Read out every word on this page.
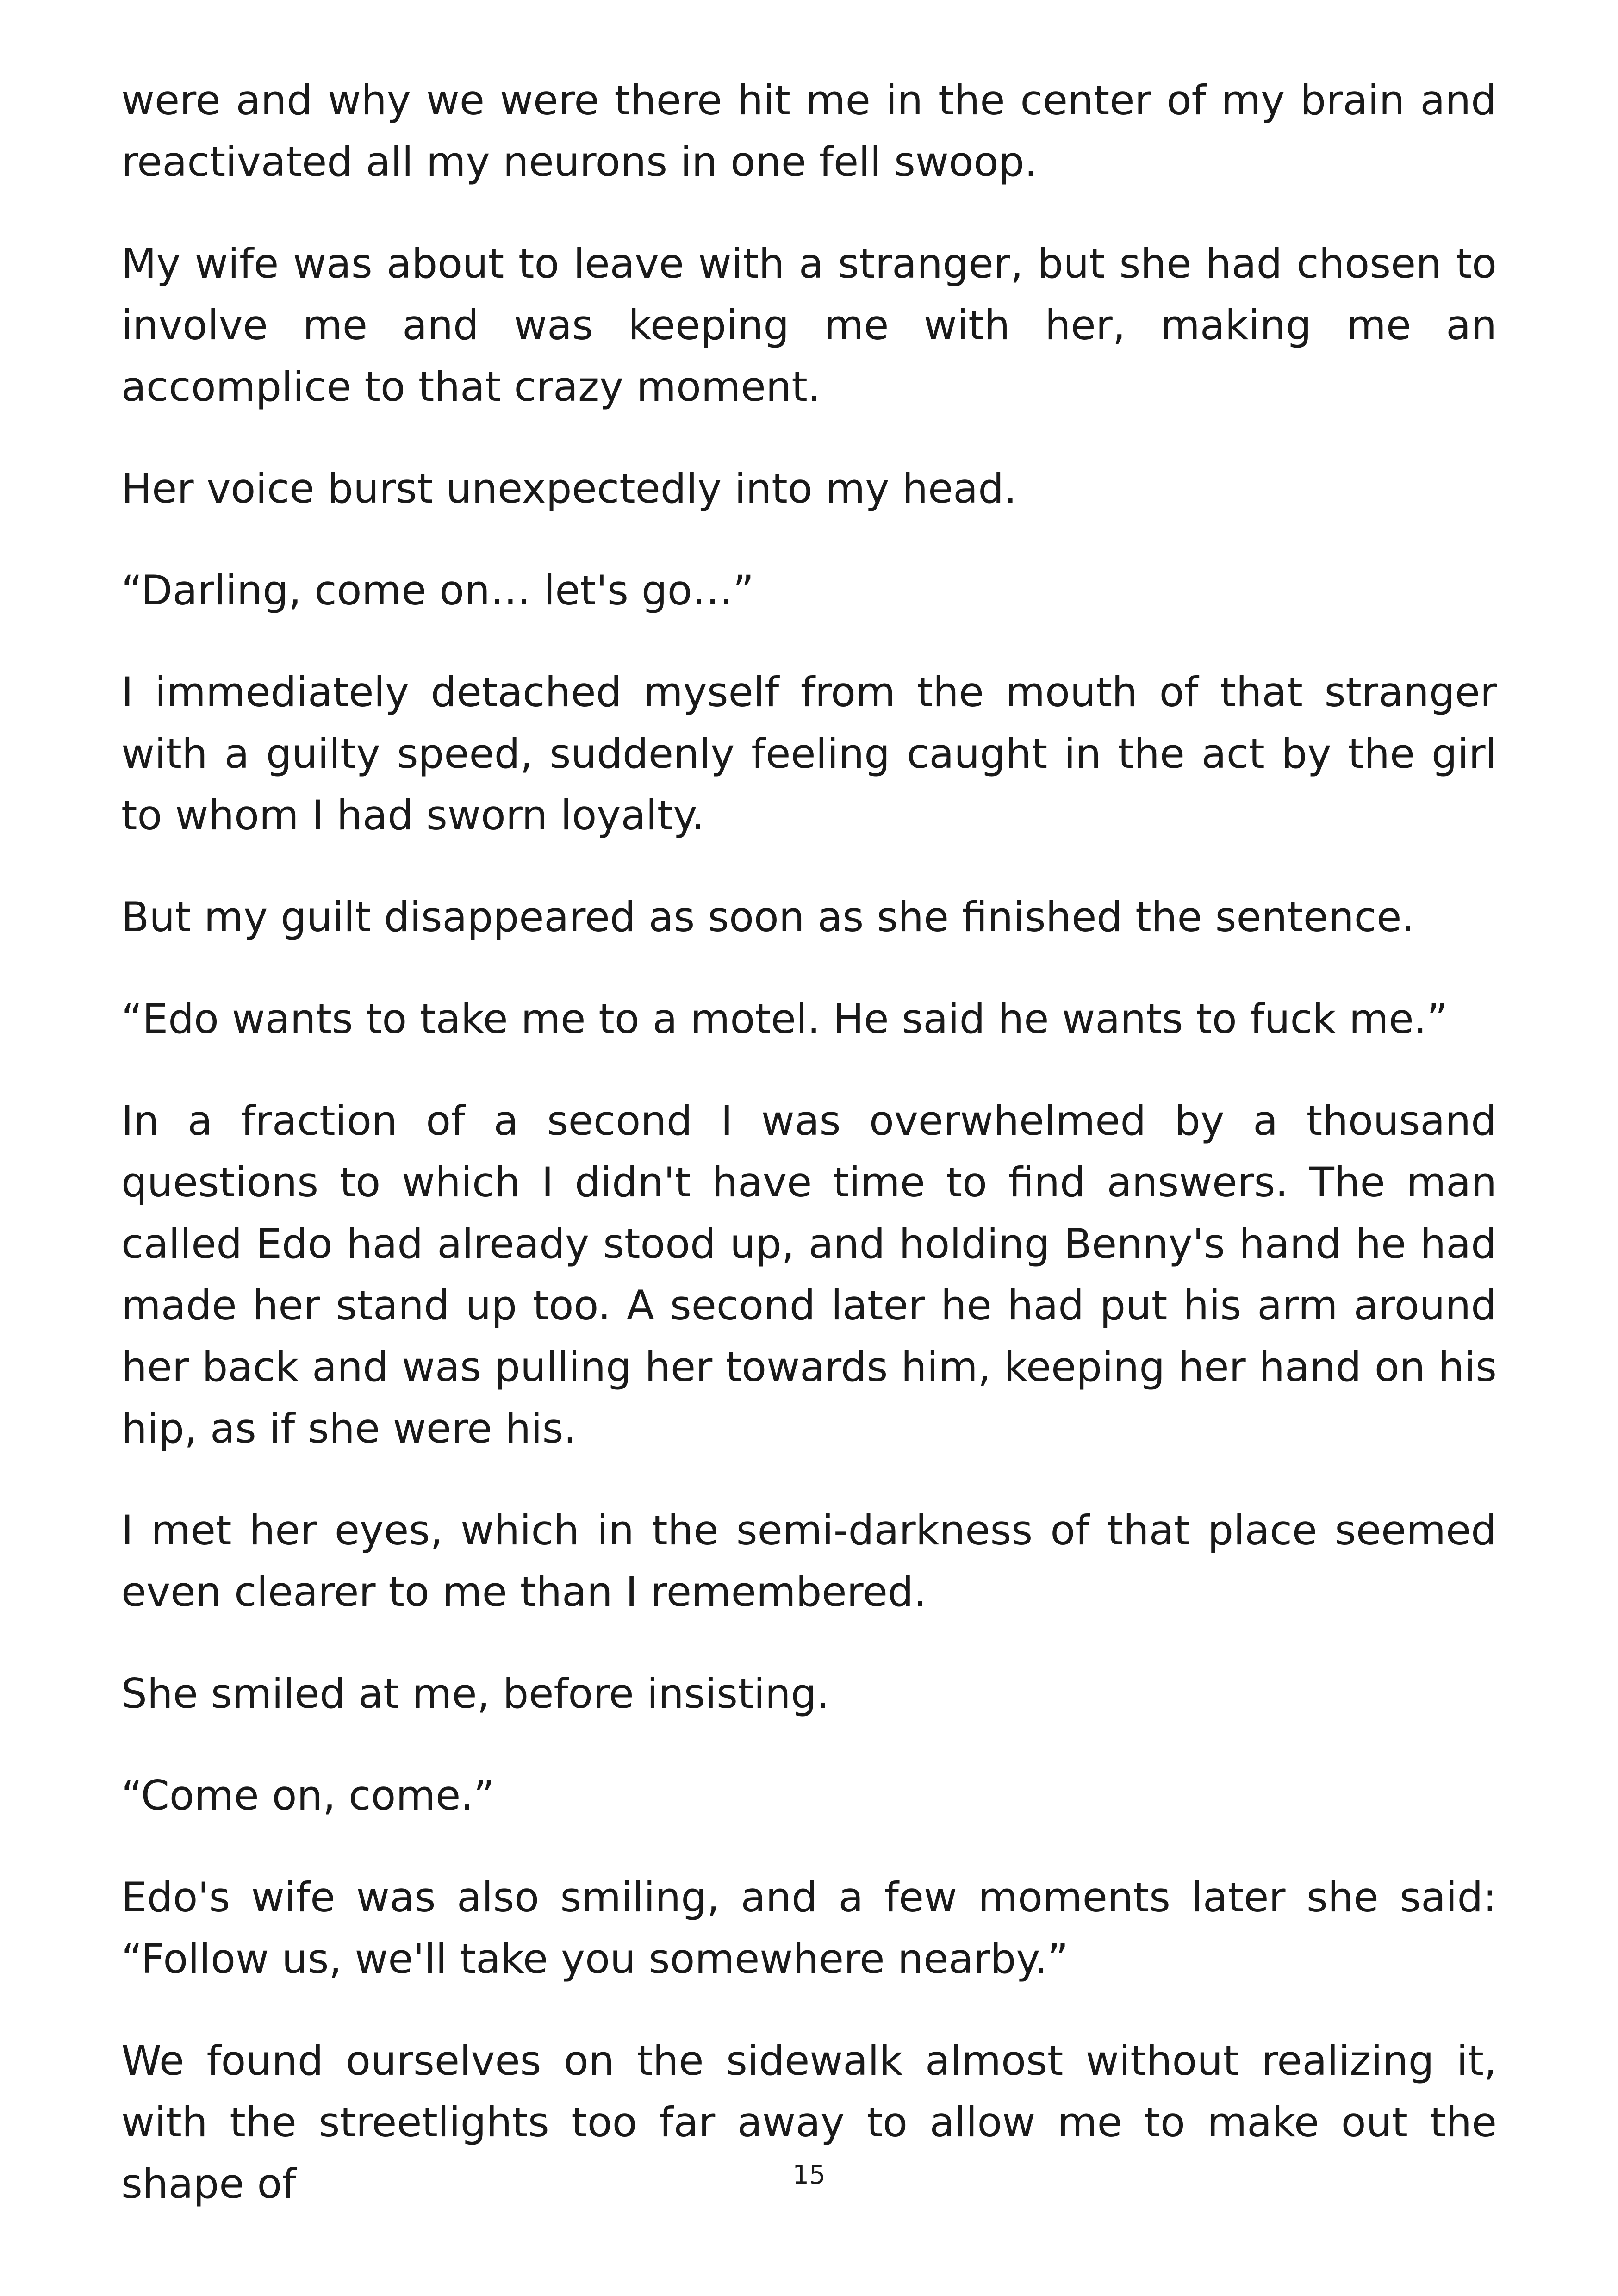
were and why we were there hit me in the center of my brain and reactivated all my neurons in one fell swoop.

My wife was about to leave with a stranger, but she had chosen to involve me and was keeping me with her, making me an accomplice to that crazy moment.

Her voice burst unexpectedly into my head.

“Darling, come on… let's go…”

I immediately detached myself from the mouth of that stranger with a guilty speed, suddenly feeling caught in the act by the girl to whom I had sworn loyalty.

But my guilt disappeared as soon as she finished the sentence.

“Edo wants to take me to a motel. He said he wants to fuck me.”

In a fraction of a second I was overwhelmed by a thousand questions to which I didn't have time to find answers. The man called Edo had already stood up, and holding Benny's hand he had made her stand up too. A second later he had put his arm around her back and was pulling her towards him, keeping her hand on his hip, as if she were his.

I met her eyes, which in the semi-darkness of that place seemed even clearer to me than I remembered.

She smiled at me, before insisting.

“Come on, come.”

Edo's wife was also smiling, and a few moments later she said: “Follow us, we'll take you somewhere nearby.”

We found ourselves on the sidewalk almost without realizing it, with the streetlights too far away to allow me to make out the shape of	15
